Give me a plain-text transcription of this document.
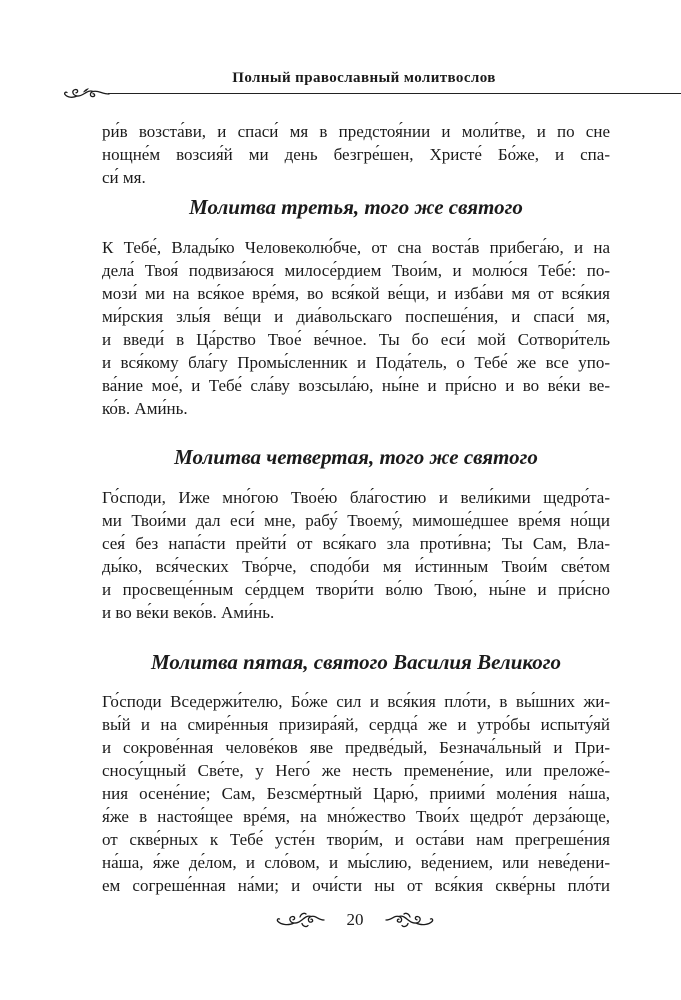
Полный православный молитвослов
ри́в возста́ви, и спаси́ мя в предстоя́нии и моли́тве, и по сне
нощне́м возсия́й ми день безгре́шен, Христе́ Бо́же, и спа-
си́ мя.
Молитва третья, того же святого
К Тебе́, Влады́ко Человеколю́бче, от сна воста́в прибега́ю, и на
дела́ Твоя́ подвиза́юся милосе́рдием Твои́м, и молю́ся Тебе́: по-
мози́ ми на вся́кое вре́мя, во вся́кой ве́щи, и изба́ви мя от вся́кия
ми́рския злы́я ве́щи и диа́вольскаго поспеше́ния, и спаси́ мя,
и введи́ в Ца́рство Твое́ ве́чное. Ты бо еси́ мой Сотвори́тель
и вся́кому бла́гу Промы́сленник и Пода́тель, о Тебе́ же все упо-
ва́ние мое́, и Тебе́ сла́ву возсыла́ю, ны́не и при́сно и во ве́ки ве-
ко́в. Ами́нь.
Молитва четвертая, того же святого
Го́споди, Иже мно́гою Твое́ю бла́гостию и вели́кими щедро́та-
ми Твои́ми дал еси́ мне, рабу́ Твоему́, мимоше́дшее вре́мя но́щи
сея́ без напа́сти прейти́ от вся́каго зла проти́вна; Ты Сам, Вла-
ды́ко, вся́ческих Тво́рче, сподо́би мя и́стинным Твои́м све́том
и просвеще́нным се́рдцем твори́ти во́лю Твою́, ны́не и при́сно
и во ве́ки веко́в. Ами́нь.
Молитва пятая, святого Василия Великого
Го́споди Вседержи́телю, Бо́же сил и вся́кия пло́ти, в вы́шних жи-
вы́й и на смире́нныя призира́яй, сердца́ же и утро́бы испыту́яй
и сокрове́нная челове́ков яве предве́дый, Безнача́льный и При-
сносу́щный Све́те, у Него́ же несть премене́ние, или преложе́-
ния осене́ние; Сам, Безсме́ртный Царю́, приими́ моле́ния на́ша,
я́же в настоя́щее вре́мя, на мно́жество Твои́х щедро́т дерза́юще,
от скве́рных к Тебе́ усте́н твори́м, и оста́ви нам прегреше́ния
на́ша, я́же де́лом, и сло́вом, и мы́слию, ве́дением, или неве́дени-
ем согреше́нная на́ми; и очи́сти ны от вся́кия скве́рны пло́ти
20
